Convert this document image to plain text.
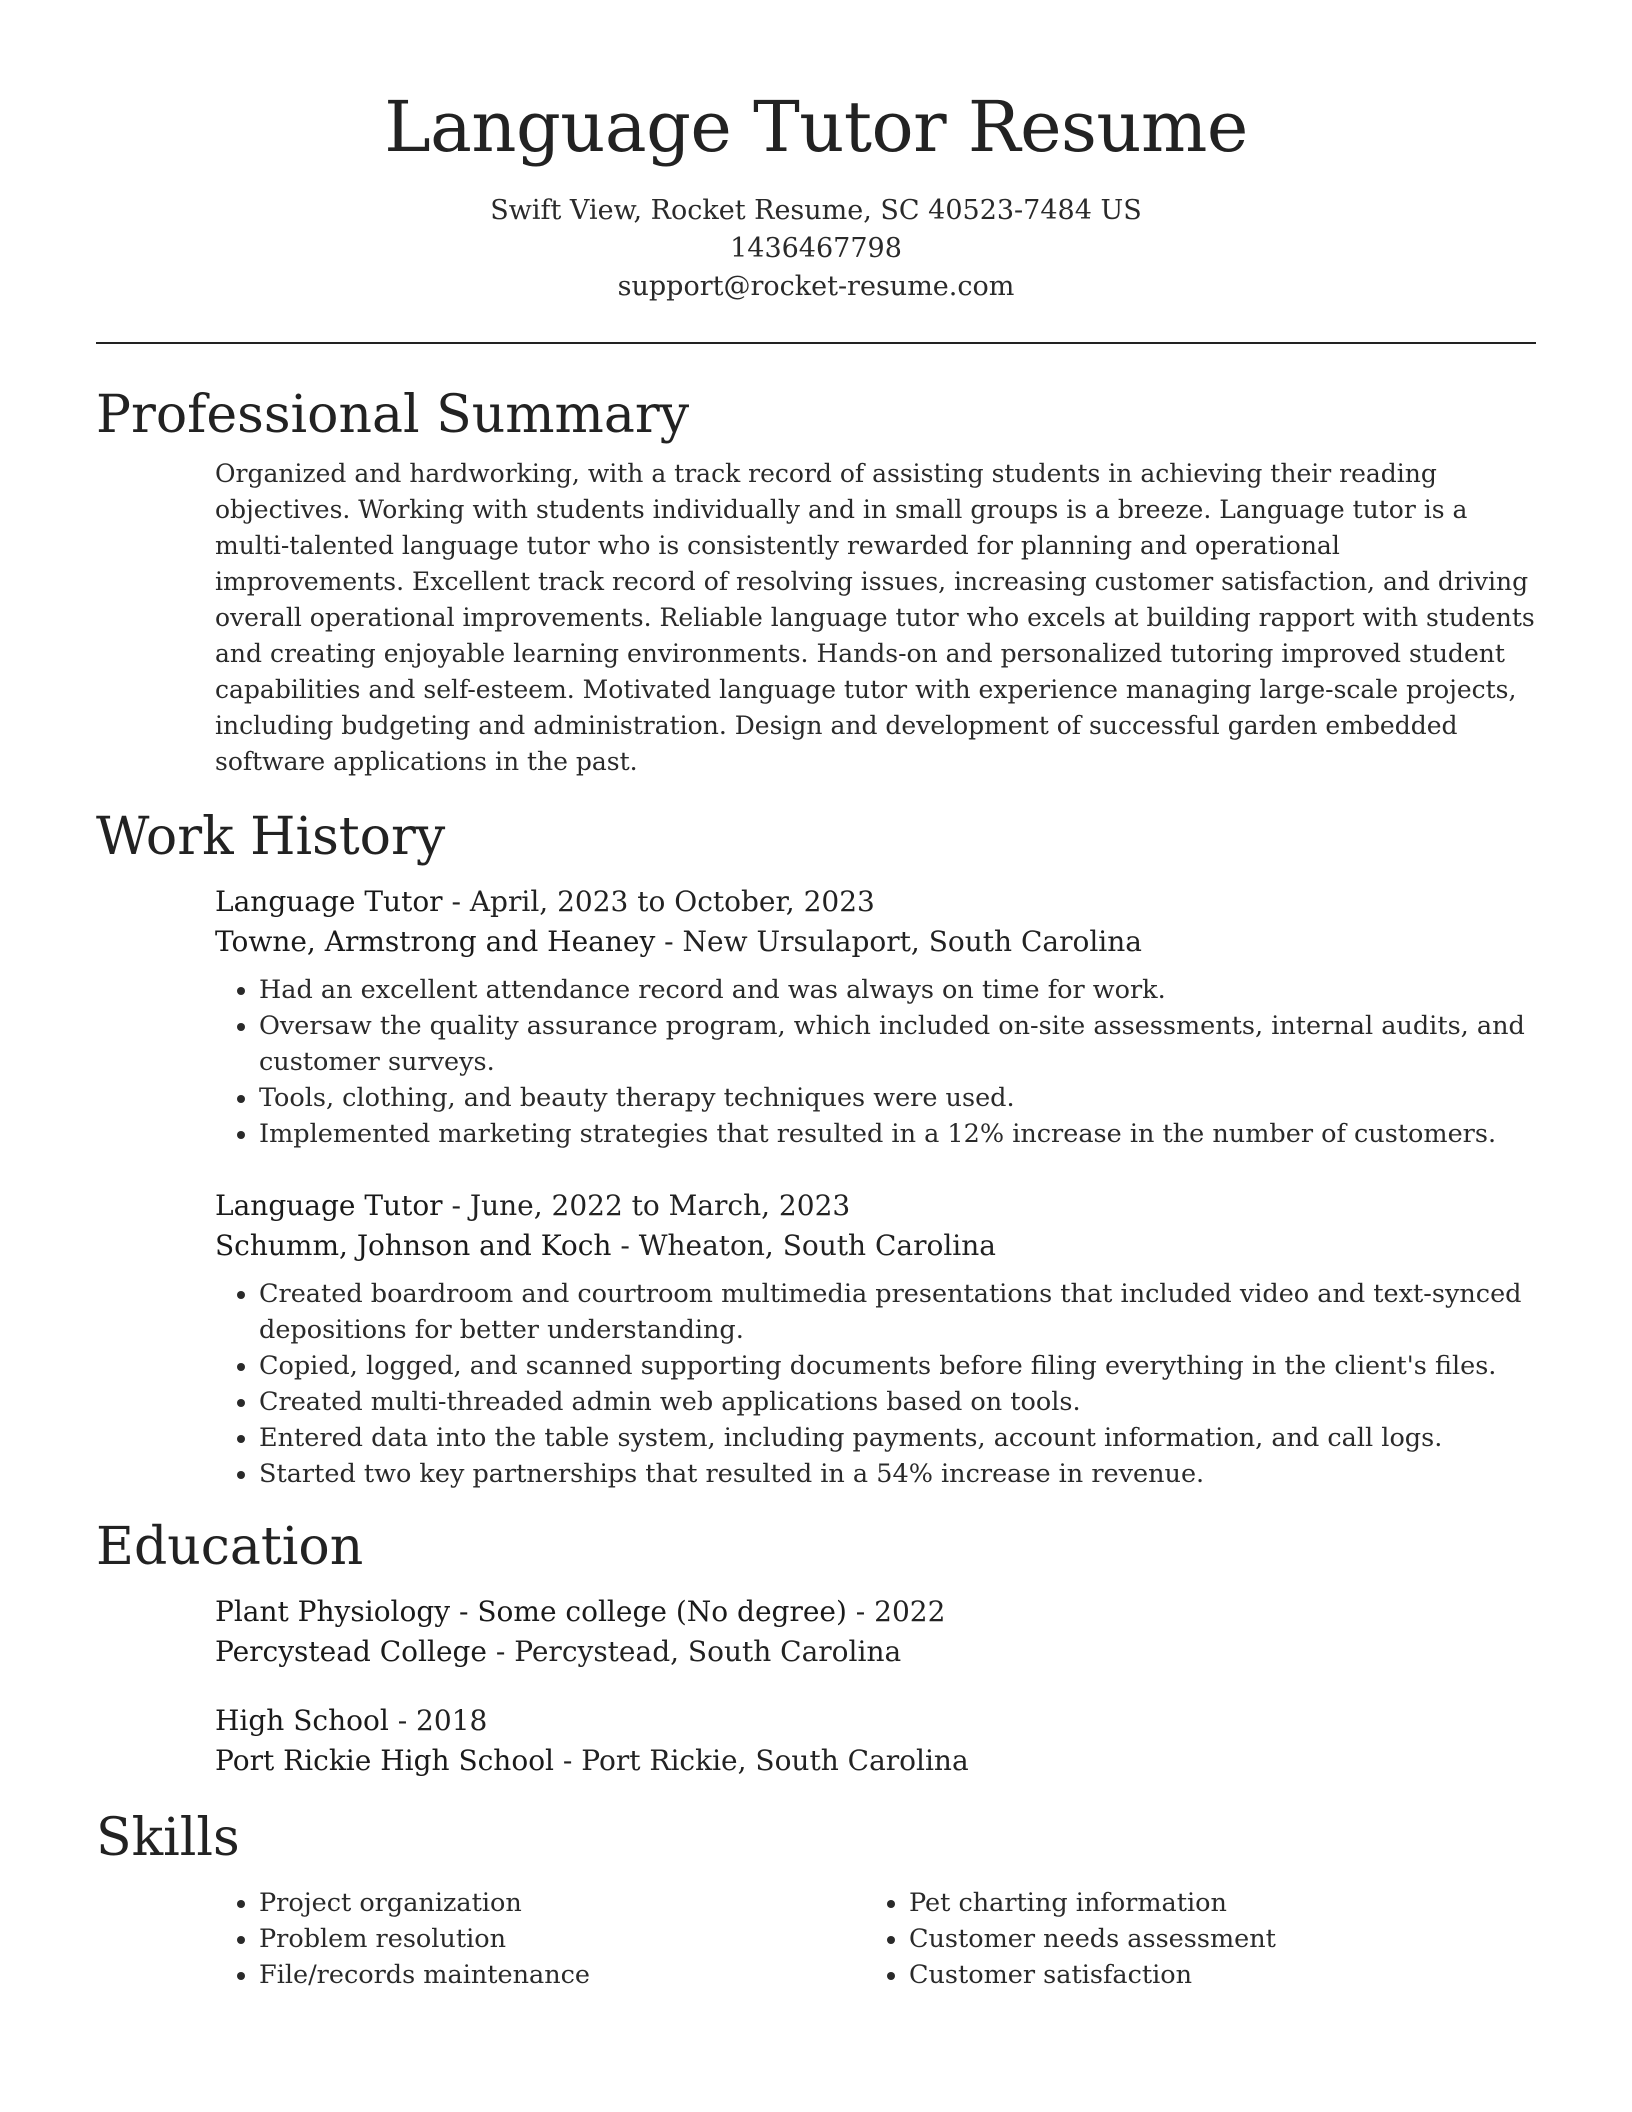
Language Tutor Resume
Swift View, Rocket Resume, SC 40523-7484 US
1436467798
support@rocket-resume.com
Professional Summary

Organized and hardworking, with a track record of assisting students in achieving their reading objectives. Working with students individually and in small groups is a breeze. Language tutor is a multi-talented language tutor who is consistently rewarded for planning and operational improvements. Excellent track record of resolving issues, increasing customer satisfaction, and driving overall operational improvements. Reliable language tutor who excels at building rapport with students and creating enjoyable learning environments. Hands-on and personalized tutoring improved student capabilities and self-esteem. Motivated language tutor with experience managing large-scale projects, including budgeting and administration. Design and development of successful garden embedded software applications in the past.

Work History
Language Tutor - April, 2023 to October, 2023
Towne, Armstrong and Heaney - New Ursulaport, South Carolina
• Had an excellent attendance record and was always on time for work.
• Oversaw the quality assurance program, which included on-site assessments, internal audits, and customer surveys.
• Tools, clothing, and beauty therapy techniques were used.
• Implemented marketing strategies that resulted in a 12% increase in the number of customers.
Language Tutor - June, 2022 to March, 2023
Schumm, Johnson and Koch - Wheaton, South Carolina
• Created boardroom and courtroom multimedia presentations that included video and text-synced depositions for better understanding.
• Copied, logged, and scanned supporting documents before filing everything in the client's files.
• Created multi-threaded admin web applications based on tools.
• Entered data into the table system, including payments, account information, and call logs.
• Started two key partnerships that resulted in a 54% increase in revenue.
Education
Plant Physiology - Some college (No degree) - 2022
Percystead College - Percystead, South Carolina
High School - 2018
Port Rickie High School - Port Rickie, South Carolina
Skills
• Project organization
• Problem resolution
• File/records maintenance
• Pet charting information
• Customer needs assessment
• Customer satisfaction
